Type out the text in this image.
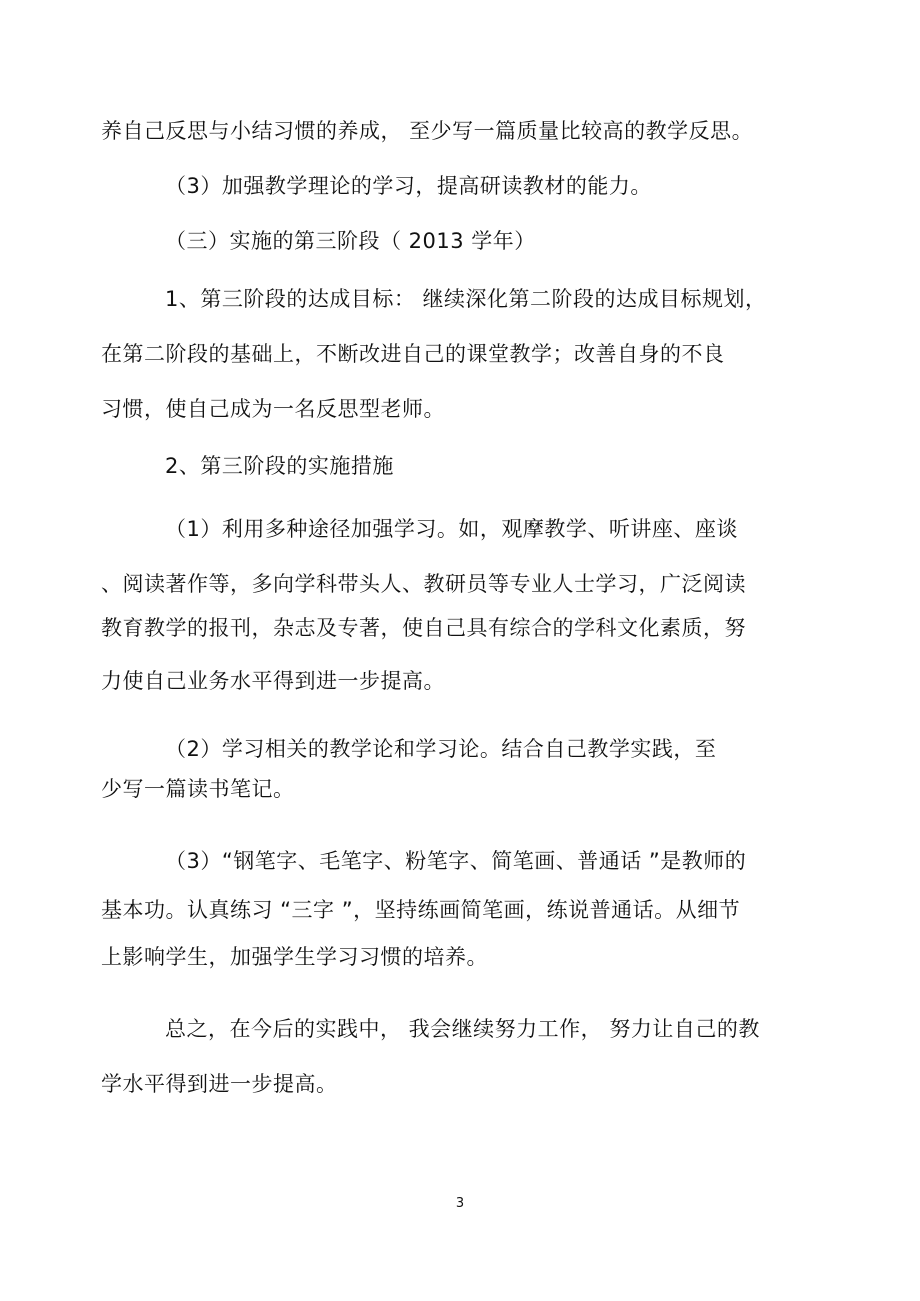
养自己反思与小结习惯的养成， 至少写一篇质量比较高的教学反思。
（3）加强教学理论的学习，提高研读教材的能力。
（三）实施的第三阶段（ 2013 学年）
1、第三阶段的达成目标： 继续深化第二阶段的达成目标规划，
在第二阶段的基础上，不断改进自己的课堂教学；改善自身的不良
习惯，使自己成为一名反思型老师。
2、第三阶段的实施措施
（1）利用多种途径加强学习。如，观摩教学、听讲座、座谈
、阅读著作等，多向学科带头人、教研员等专业人士学习，广泛阅读
教育教学的报刊，杂志及专著，使自己具有综合的学科文化素质，努
力使自己业务水平得到进一步提高。
（2）学习相关的教学论和学习论。结合自己教学实践，至
少写一篇读书笔记。
（3）“钢笔字、毛笔字、粉笔字、简笔画、普通话 ”是教师的
基本功。认真练习 “三字 ”，坚持练画简笔画，练说普通话。从细节
上影响学生，加强学生学习习惯的培养。
总之，在今后的实践中， 我会继续努力工作， 努力让自己的教
学水平得到进一步提高。
3
